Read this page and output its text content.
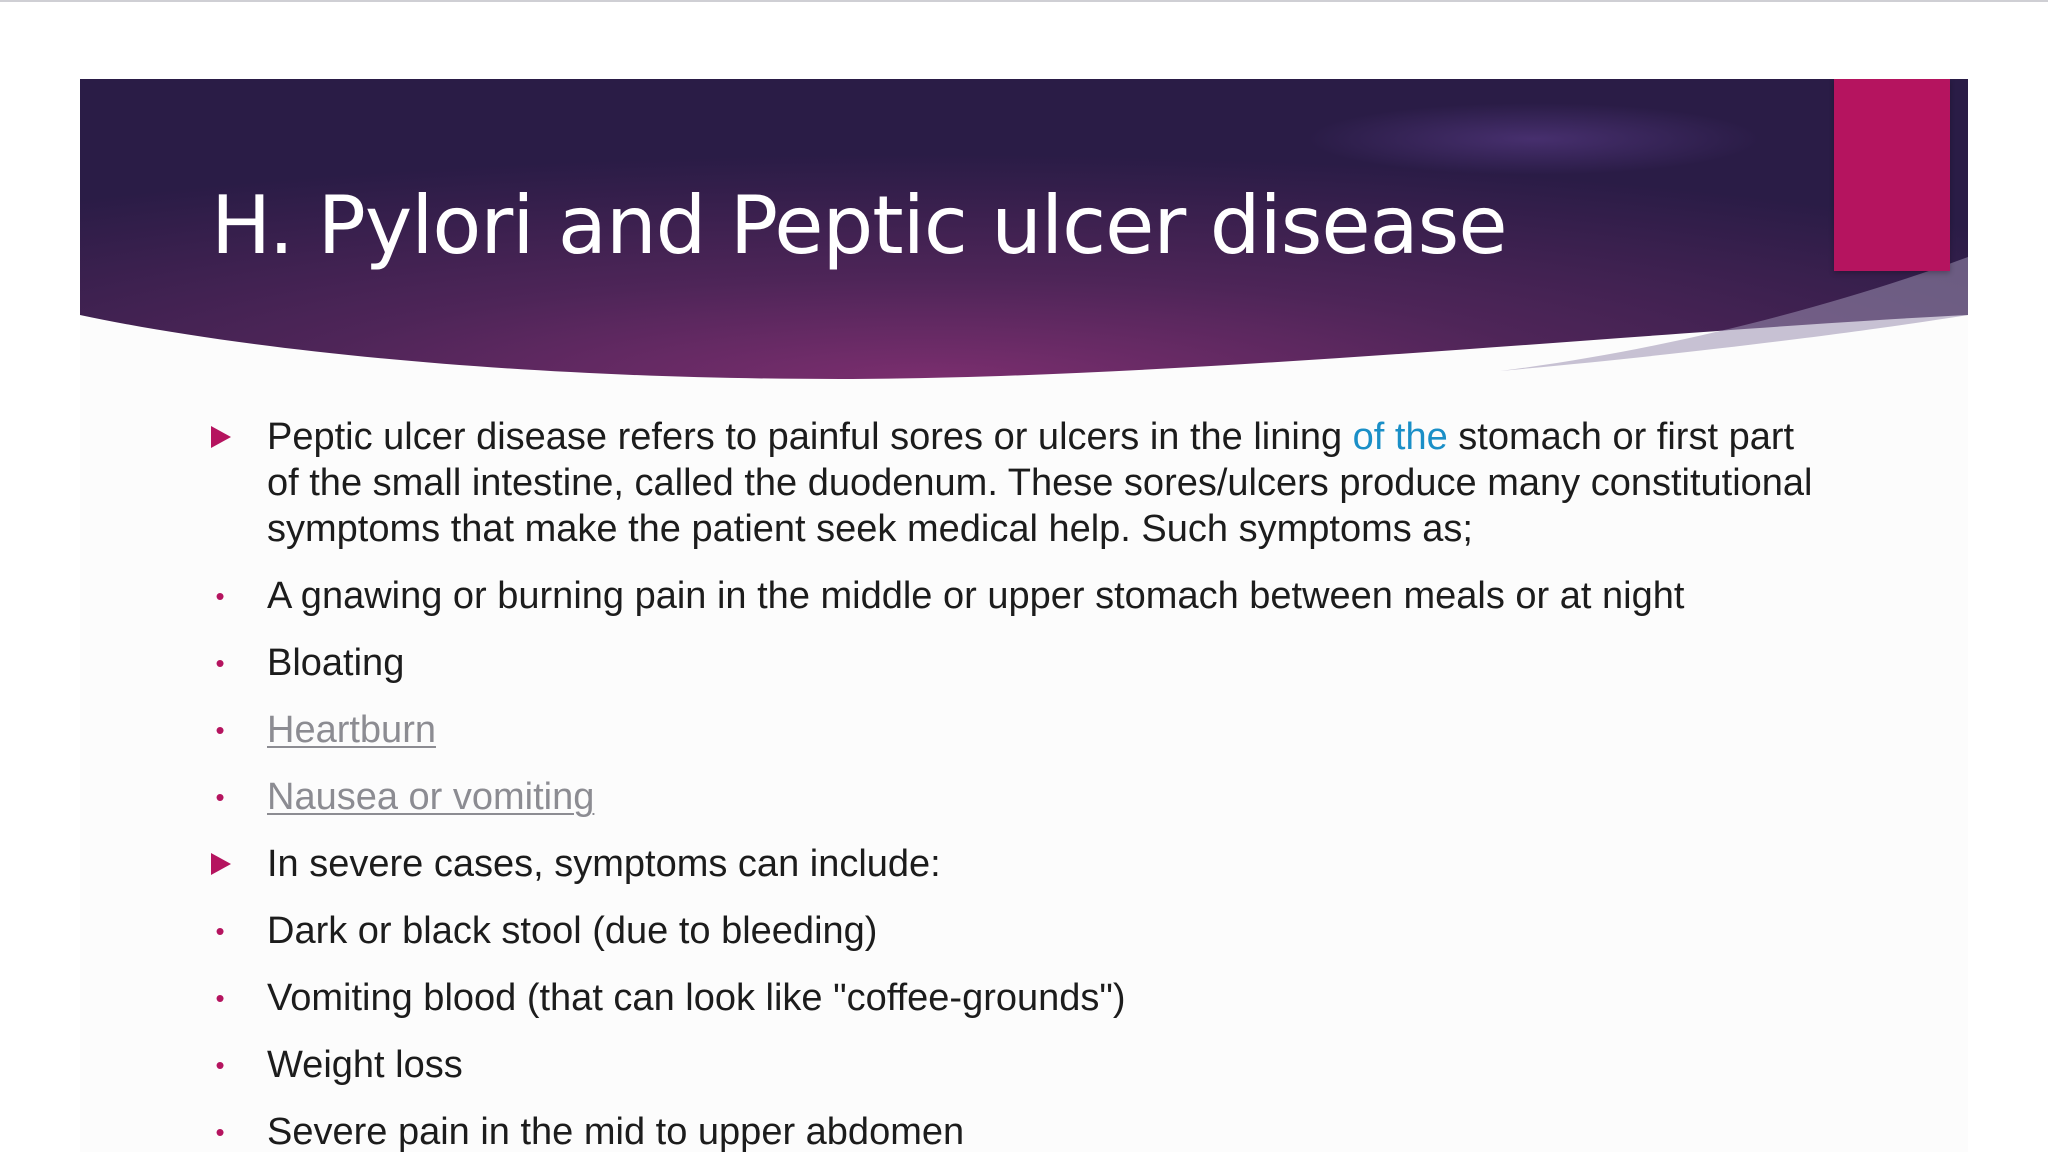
H. Pylori and Peptic ulcer disease
Peptic ulcer disease refers to painful sores or ulcers in the lining of the stomach or first part of the small intestine, called the duodenum. These sores/ulcers produce many constitutional symptoms that make the patient seek medical help. Such symptoms as;
• A gnawing or burning pain in the middle or upper stomach between meals or at night
• Bloating
• Heartburn
• Nausea or vomiting
In severe cases, symptoms can include:
• Dark or black stool (due to bleeding)
• Vomiting blood (that can look like "coffee-grounds")
• Weight loss
• Severe pain in the mid to upper abdomen
